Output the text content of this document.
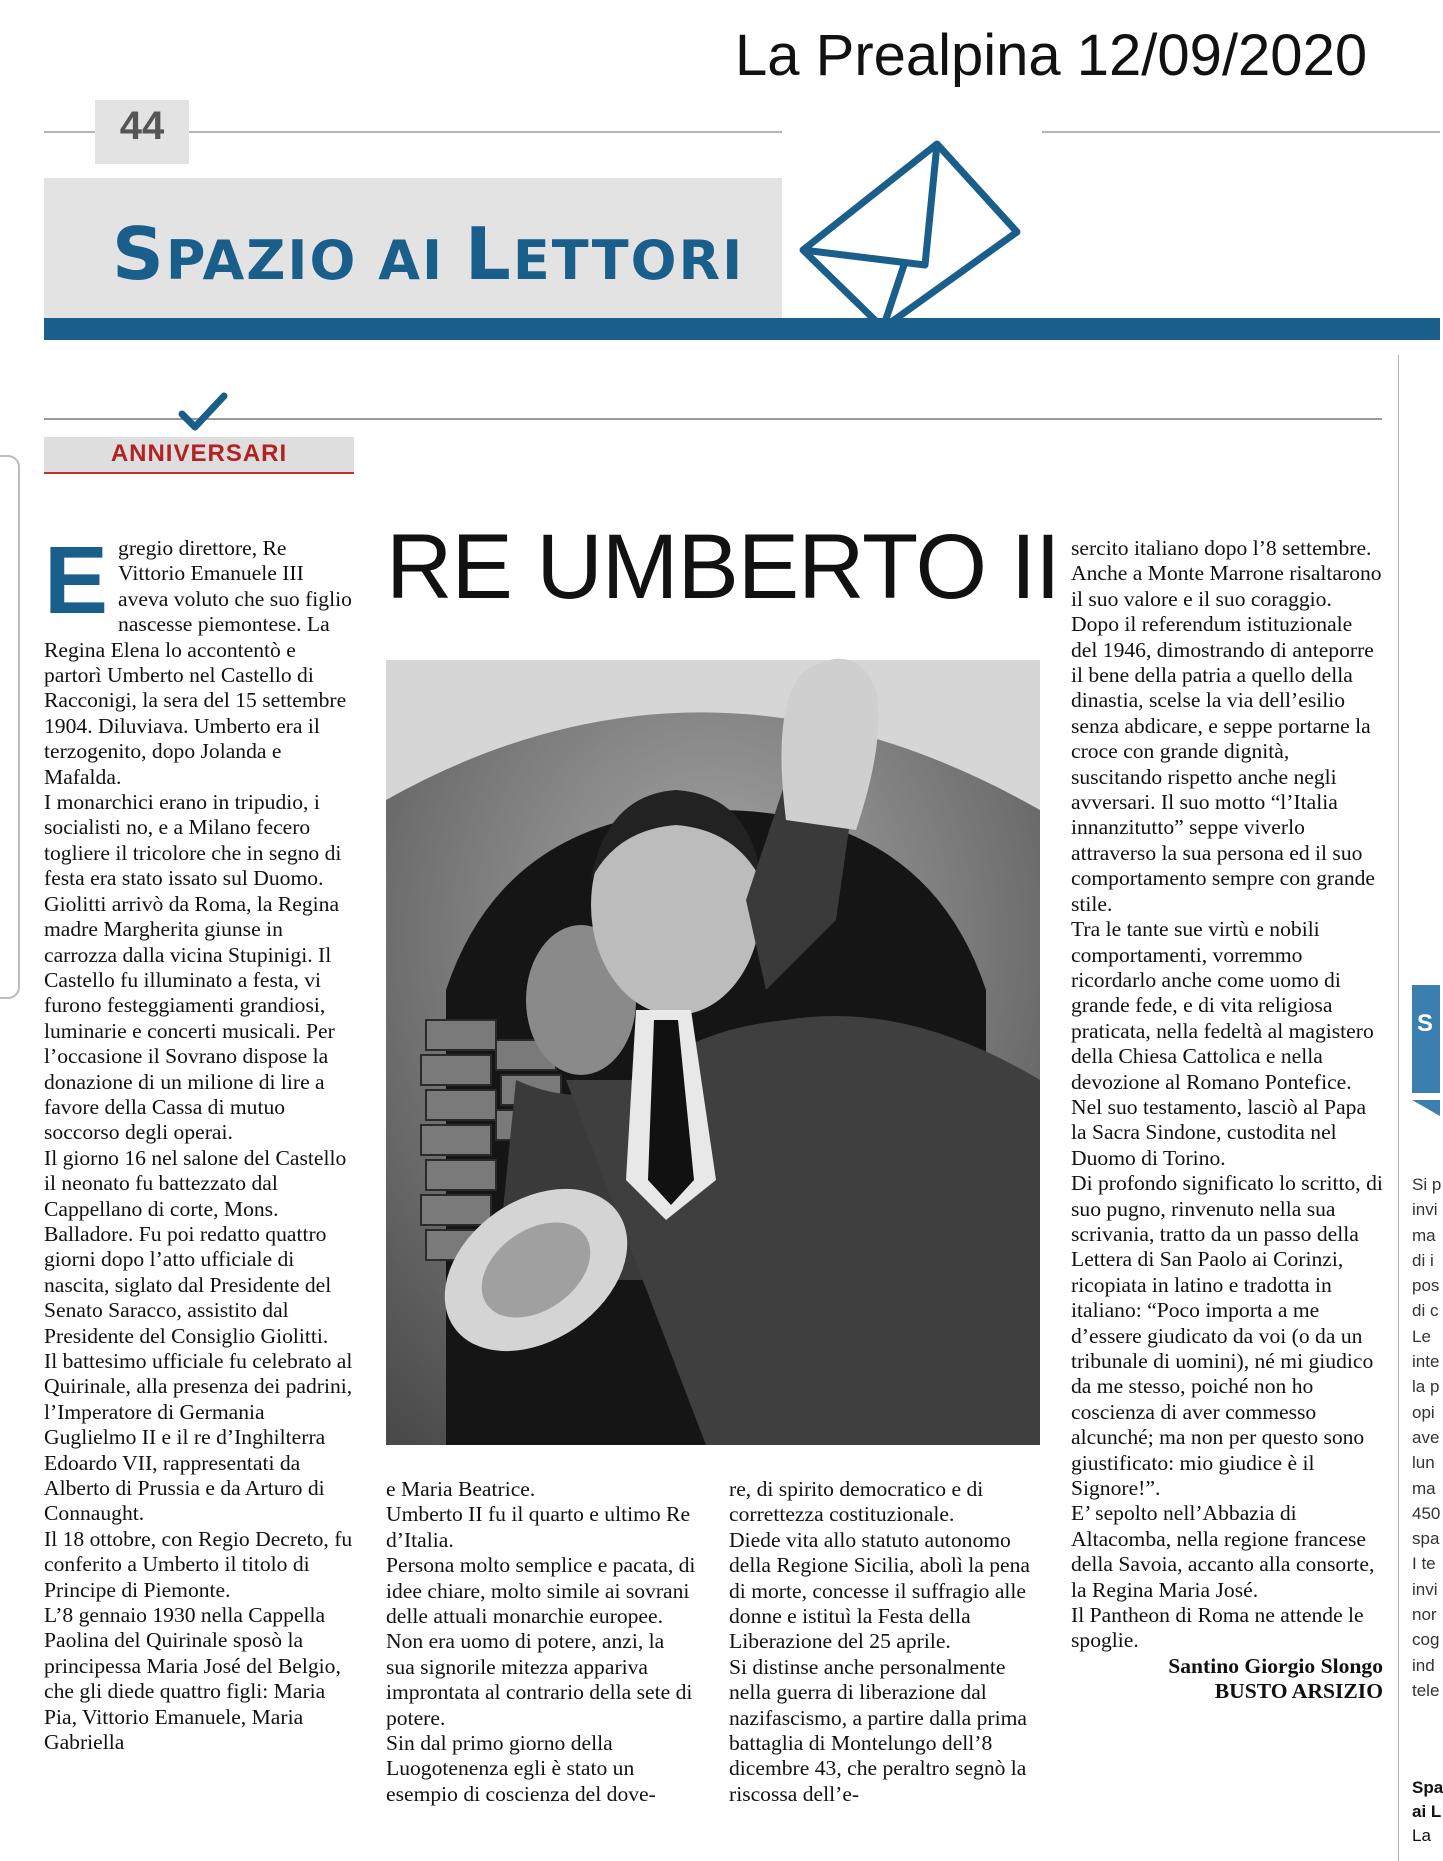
La Prealpina 12/09/2020
44
SPAZIO AI LETTORI
ANNIVERSARI
RE UMBERTO II
E gregio direttore, Re Vittorio Emanuele III aveva voluto che suo figlio nascesse piemontese. La Regina Elena lo accontentò e partorì Umberto nel Castello di Racconigi, la sera del 15 settembre 1904. Diluviava. Umberto era il terzogenito, dopo Jolanda e Mafalda.

I monarchici erano in tripudio, i socialisti no, e a Milano fecero togliere il tricolore che in segno di festa era stato issato sul Duomo.

Giolitti arrivò da Roma, la Regina madre Margherita giunse in carrozza dalla vicina Stupinigi. Il Castello fu illuminato a festa, vi furono festeggiamenti grandiosi, luminarie e concerti musicali. Per l’occasione il Sovrano dispose la donazione di un milione di lire a favore della Cassa di mutuo soccorso degli operai.

Il giorno 16 nel salone del Castello il neonato fu battezzato dal Cappellano di corte, Mons. Balladore. Fu poi redatto quattro giorni dopo l’atto ufficiale di nascita, siglato dal Presidente del Senato Saracco, assistito dal Presidente del Consiglio Giolitti.

Il battesimo ufficiale fu celebrato al Quirinale, alla presenza dei padrini, l’Imperatore di Germania Guglielmo II e il re d’Inghilterra Edoardo VII, rappresentati da Alberto di Prussia e da Arturo di Connaught.

Il 18 ottobre, con Regio Decreto, fu conferito a Umberto il titolo di Principe di Piemonte.

L’8 gennaio 1930 nella Cappella Paolina del Quirinale sposò la principessa Maria José del Belgio, che gli diede quattro figli: Maria Pia, Vittorio Emanuele, Maria Gabriella

e Maria Beatrice.

Umberto II fu il quarto e ultimo Re d’Italia.

Persona molto semplice e pacata, di idee chiare, molto simile ai sovrani delle attuali monarchie europee. Non era uomo di potere, anzi, la sua signorile mitezza appariva improntata al contrario della sete di potere.

Sin dal primo giorno della Luogotenenza egli è stato un esempio di coscienza del dove-

re, di spirito democratico e di correttezza costituzionale.

Diede vita allo statuto autonomo della Regione Sicilia, abolì la pena di morte, concesse il suffragio alle donne e istituì la Festa della Liberazione del 25 aprile.

Si distinse anche personalmente nella guerra di liberazione dal nazifascismo, a partire dalla prima battaglia di Montelungo dell’8 dicembre 43, che peraltro segnò la riscossa dell’e-

sercito italiano dopo l’8 settembre. Anche a Monte Marrone risaltarono il suo valore e il suo coraggio.

Dopo il referendum istituzionale del 1946, dimostrando di anteporre il bene della patria a quello della dinastia, scelse la via dell’esilio senza abdicare, e seppe portarne la croce con grande dignità, suscitando rispetto anche negli avversari. Il suo motto “l’Italia innanzitutto” seppe viverlo attraverso la sua persona ed il suo comportamento sempre con grande stile.

Tra le tante sue virtù e nobili comportamenti, vorremmo ricordarlo anche come uomo di grande fede, e di vita religiosa praticata, nella fedeltà al magistero della Chiesa Cattolica e nella devozione al Romano Pontefice. Nel suo testamento, lasciò al Papa la Sacra Sindone, custodita nel Duomo di Torino.

Di profondo significato lo scritto, di suo pugno, rinvenuto nella sua scrivania, tratto da un passo della Lettera di San Paolo ai Corinzi, ricopiata in latino e tradotta in italiano: “Poco importa a me d’essere giudicato da voi (o da un tribunale di uomini), né mi giudico da me stesso, poiché non ho coscienza di aver commesso alcunché; ma non per questo sono giustificato: mio giudice è il Signore!”.

E’ sepolto nell’Abbazia di Altacomba, nella regione francese della Savoia, accanto alla consorte, la Regina Maria José.

Il Pantheon di Roma ne attende le spoglie.

Santino Giorgio Slongo

BUSTO ARSIZIO

S
Si p
invi
ma
di i
pos
di c
Le
inte
la p
opi
ave
lun
ma
450
spa
I te
invi
nor
cog
ind
tele
Spa
ai L
La
